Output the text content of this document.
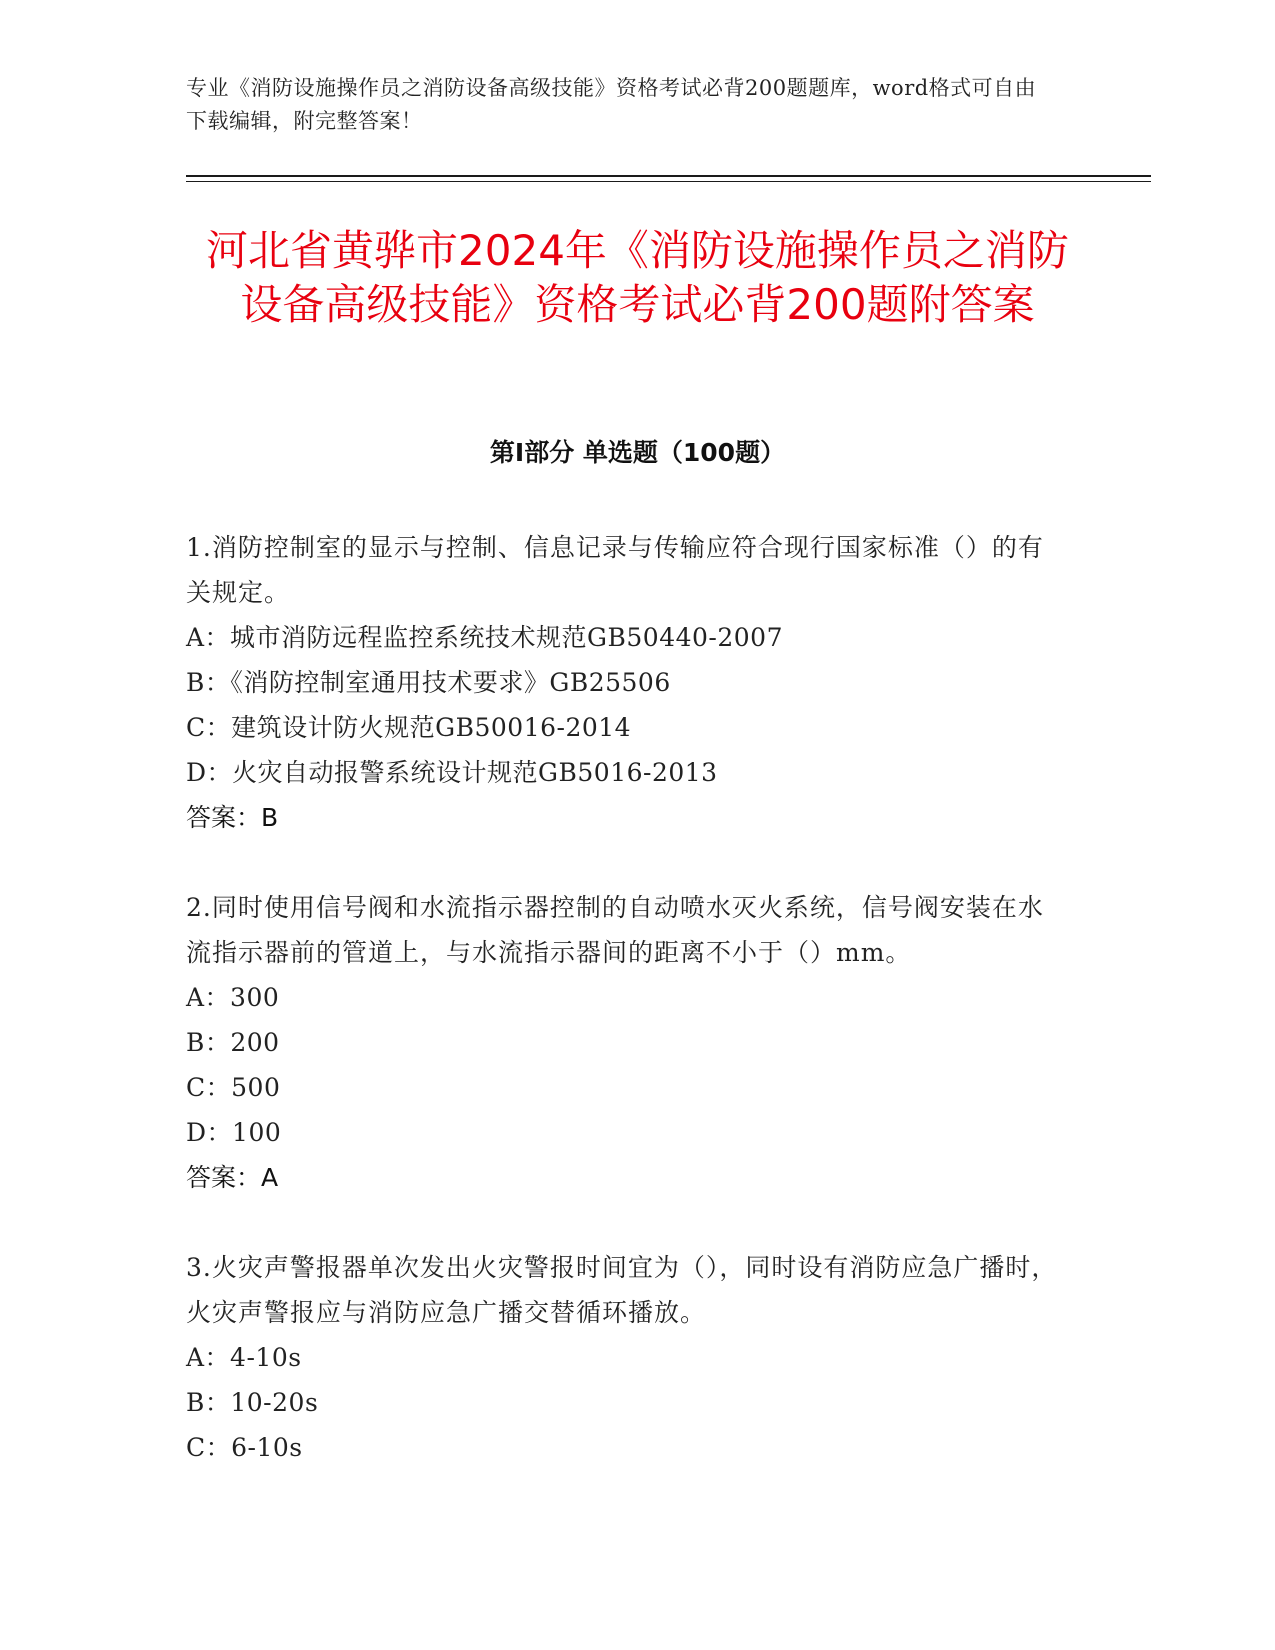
专业《消防设施操作员之消防设备高级技能》资格考试必背200题题库，word格式可自由下载编辑，附完整答案！
河北省黄骅市2024年《消防设施操作员之消防设备高级技能》资格考试必背200题附答案
第I部分 单选题（100题）
1.消防控制室的显示与控制、信息记录与传输应符合现行国家标准（）的有关规定。
A：城市消防远程监控系统技术规范GB50440-2007
B：《消防控制室通用技术要求》GB25506
C：建筑设计防火规范GB50016-2014
D：火灾自动报警系统设计规范GB5016-2013
答案：B
2.同时使用信号阀和水流指示器控制的自动喷水灭火系统，信号阀安装在水流指示器前的管道上，与水流指示器间的距离不小于（）mm。
A：300
B：200
C：500
D：100
答案：A
3.火灾声警报器单次发出火灾警报时间宜为（），同时设有消防应急广播时，火灾声警报应与消防应急广播交替循环播放。
A：4-10s
B：10-20s
C：6-10s
